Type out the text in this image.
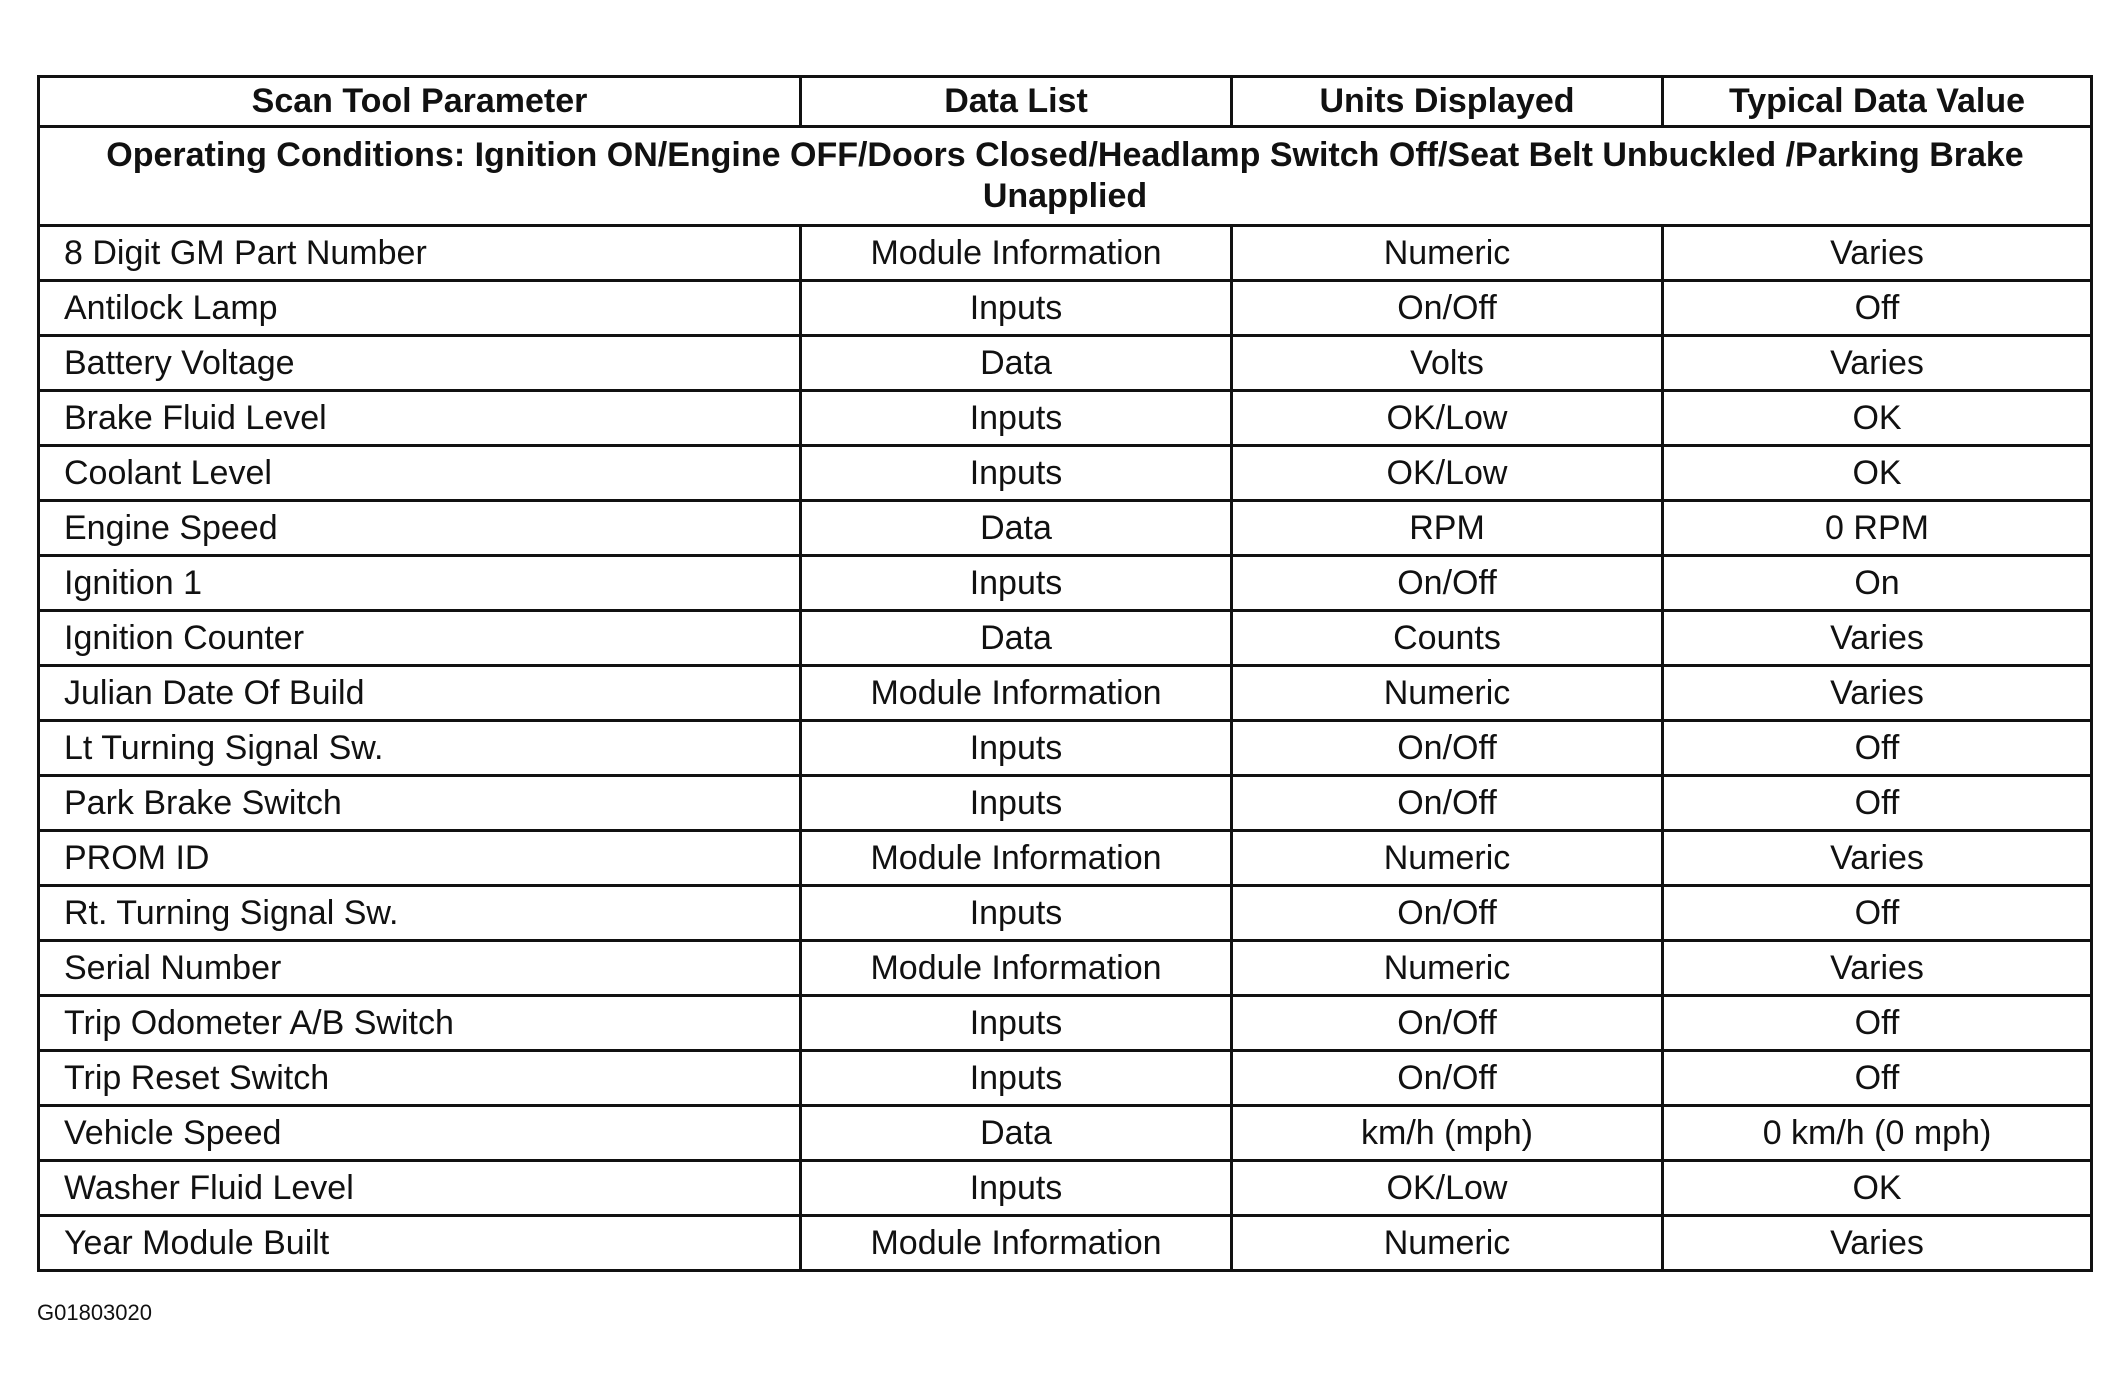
Scan Tool Parameter	Data List	Units Displayed	Typical Data Value
Operating Conditions: Ignition ON/Engine OFF/Doors Closed/Headlamp Switch Off/Seat Belt Unbuckled /Parking Brake Unapplied			
8 Digit GM Part Number	Module Information	Numeric	Varies
Antilock Lamp	Inputs	On/Off	Off
Battery Voltage	Data	Volts	Varies
Brake Fluid Level	Inputs	OK/Low	OK
Coolant Level	Inputs	OK/Low	OK
Engine Speed	Data	RPM	0 RPM
Ignition 1	Inputs	On/Off	On
Ignition Counter	Data	Counts	Varies
Julian Date Of Build	Module Information	Numeric	Varies
Lt Turning Signal Sw.	Inputs	On/Off	Off
Park Brake Switch	Inputs	On/Off	Off
PROM ID	Module Information	Numeric	Varies
Rt. Turning Signal Sw.	Inputs	On/Off	Off
Serial Number	Module Information	Numeric	Varies
Trip Odometer A/B Switch	Inputs	On/Off	Off
Trip Reset Switch	Inputs	On/Off	Off
Vehicle Speed	Data	km/h (mph)	0 km/h (0 mph)
Washer Fluid Level	Inputs	OK/Low	OK
Year Module Built	Module Information	Numeric	Varies
G01803020
